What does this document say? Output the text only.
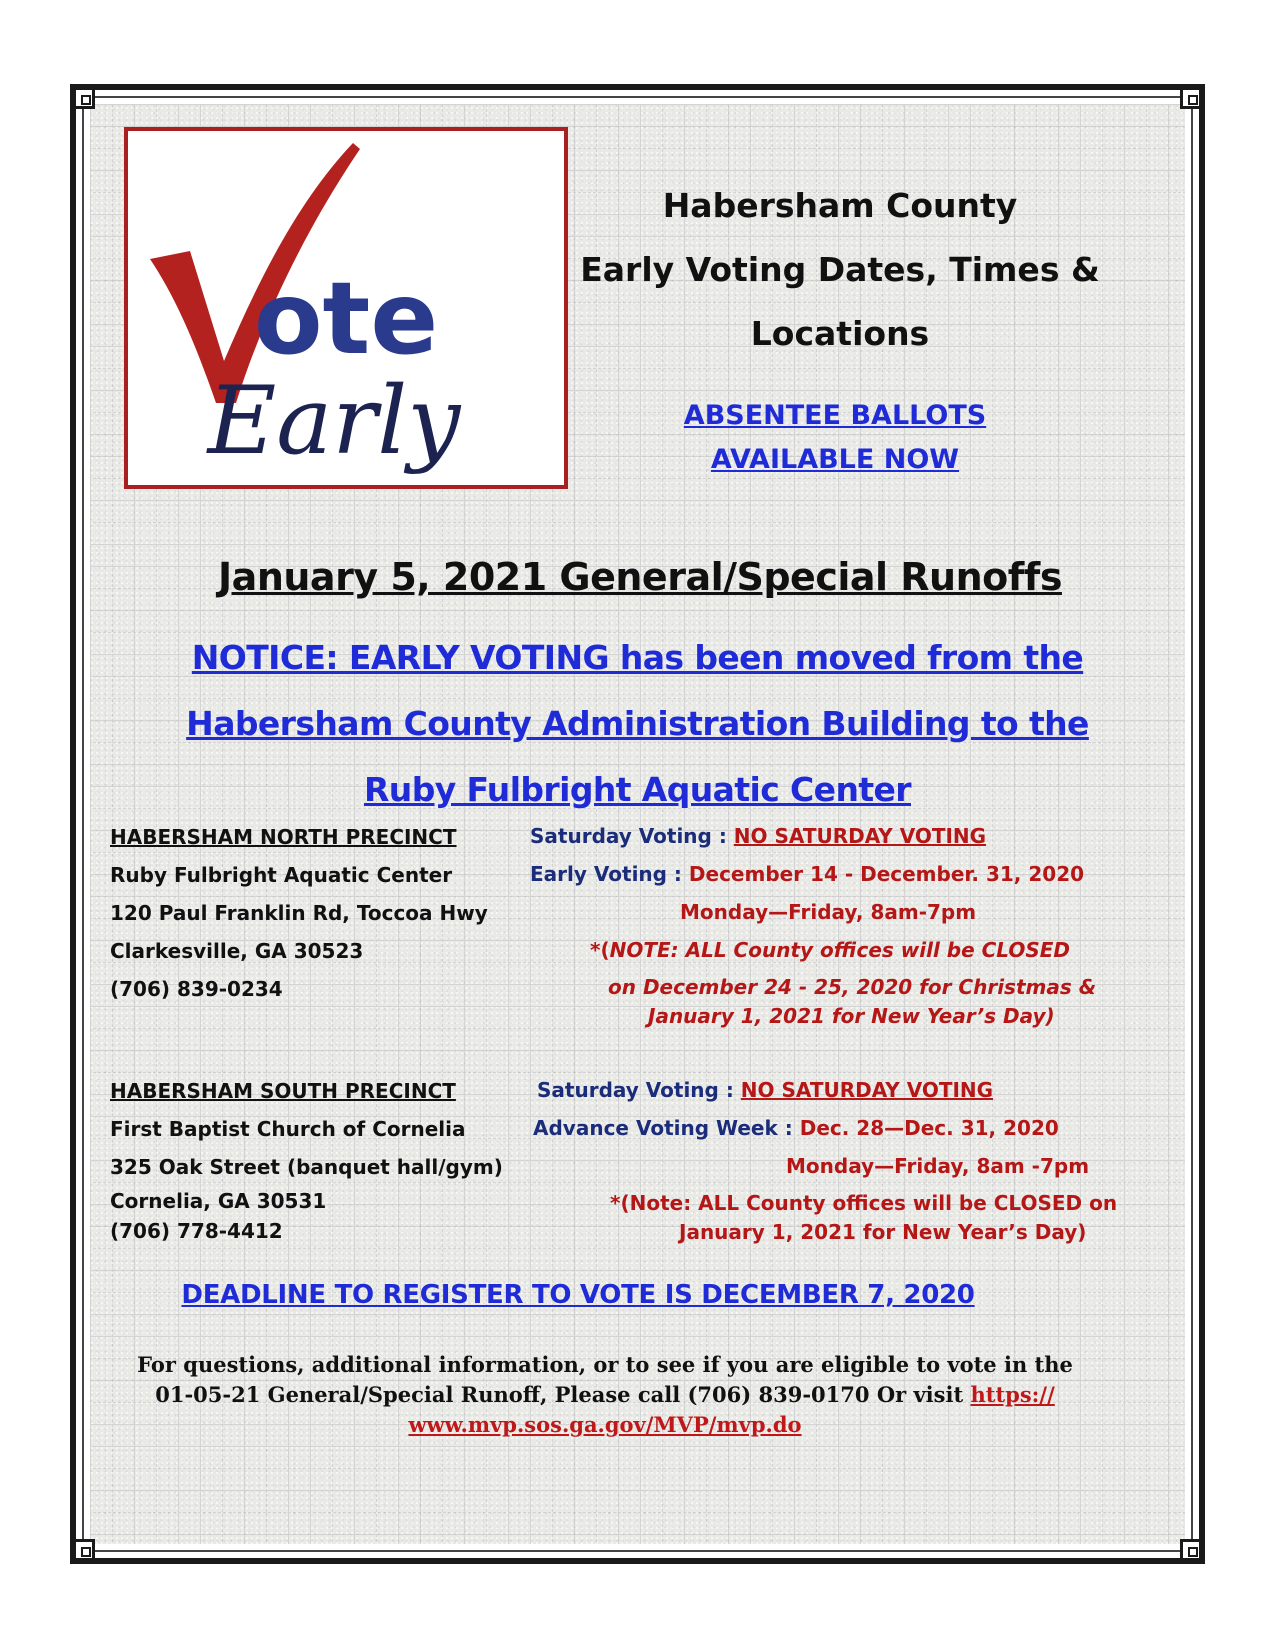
ote
Early
Habersham County
Early Voting Dates, Times &
Locations
ABSENTEE BALLOTS
AVAILABLE NOW
January 5, 2021 General/Special Runoffs
NOTICE: EARLY VOTING has been moved from the
Habersham County Administration Building to the
Ruby Fulbright Aquatic Center
HABERSHAM NORTH PRECINCT
Ruby Fulbright Aquatic Center
120 Paul Franklin Rd, Toccoa Hwy
Clarkesville, GA 30523
(706) 839-0234
Saturday Voting : NO SATURDAY VOTING
Early Voting : December 14 - December. 31, 2020
Monday—Friday, 8am-7pm
*(NOTE: ALL County offices will be CLOSED
on December 24 - 25, 2020 for Christmas &
January 1, 2021 for New Year’s Day)
HABERSHAM SOUTH PRECINCT
First Baptist Church of Cornelia
325 Oak Street (banquet hall/gym)
Cornelia, GA 30531
(706) 778-4412
Saturday Voting : NO SATURDAY VOTING
Advance Voting Week : Dec. 28—Dec. 31, 2020
Monday—Friday, 8am -7pm
*(Note: ALL County offices will be CLOSED on
January 1, 2021 for New Year’s Day)
DEADLINE TO REGISTER TO VOTE IS DECEMBER 7, 2020
For questions, additional information, or to see if you are eligible to vote in the
01-05-21 General/Special Runoff, Please call (706) 839-0170 Or visit https://
www.mvp.sos.ga.gov/MVP/mvp.do
